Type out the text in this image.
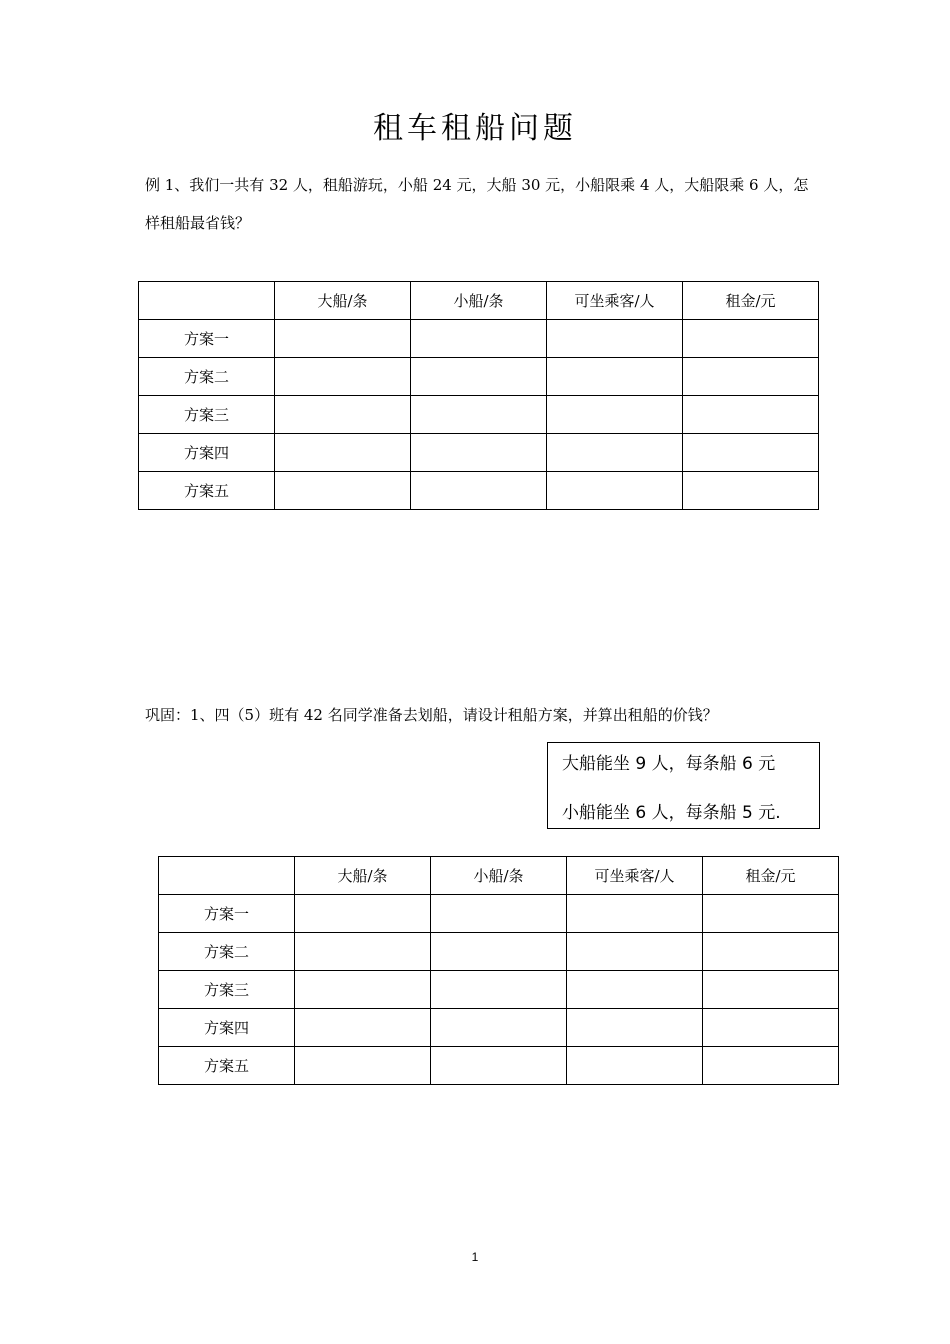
租车租船问题
例 1、我们一共有 32 人，租船游玩，小船 24 元，大船 30 元，小船限乘 4 人，大船限乘 6 人，怎样租船最省钱？
	大船/条	小船/条	可坐乘客/人	租金/元
方案一				
方案二				
方案三				
方案四				
方案五				
巩固：1、四（5）班有 42 名同学准备去划船，请设计租船方案，并算出租船的价钱？
大船能坐 9 人，每条船 6 元
小船能坐 6 人，每条船 5 元.
	大船/条	小船/条	可坐乘客/人	租金/元
方案一				
方案二				
方案三				
方案四				
方案五				
1
